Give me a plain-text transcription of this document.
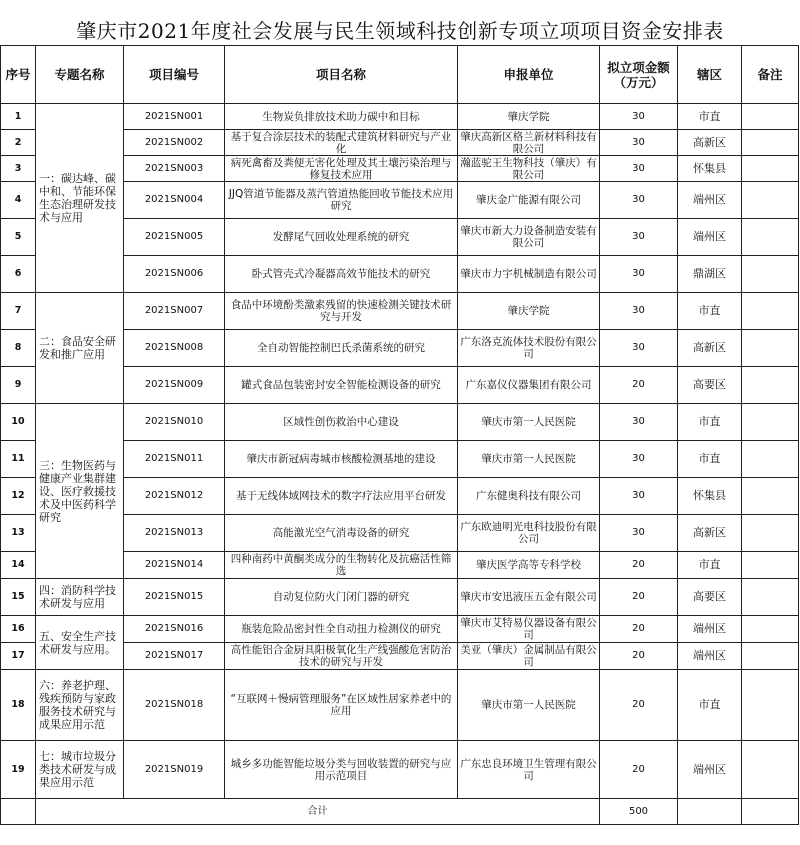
肇庆市2021年度社会发展与民生领域科技创新专项立项项目资金安排表
序号	专题名称	项目编号	项目名称	申报单位	拟立项金额（万元）	辖区	备注
1	一：碳达峰、碳中和、节能环保生态治理研发技术与应用	2021SN001	生物炭负排放技术助力碳中和目标	肇庆学院	30	市直	
2		2021SN002	基于复合涂层技术的装配式建筑材料研究与产业化	肇庆高新区格兰新材料科技有限公司	30	高新区	
3		2021SN003	病死禽畜及粪便无害化处理及其土壤污染治理与修复技术应用	瀚蓝驼王生物科技（肇庆）有限公司	30	怀集县	
4		2021SN004	JJQ管道节能器及蒸汽管道热能回收节能技术应用研究	肇庆金广能源有限公司	30	端州区	
5		2021SN005	发酵尾气回收处理系统的研究	肇庆市新大力设备制造安装有限公司	30	端州区	
6		2021SN006	卧式管壳式冷凝器高效节能技术的研究	肇庆市力宇机械制造有限公司	30	鼎湖区	
7	二：食品安全研发和推广应用	2021SN007	食品中环境酚类激素残留的快速检测关键技术研究与开发	肇庆学院	30	市直	
8		2021SN008	全自动智能控制巴氏杀菌系统的研究	广东洛克流体技术股份有限公司	30	高新区	
9		2021SN009	罐式食品包装密封安全智能检测设备的研究	广东嘉仪仪器集团有限公司	20	高要区	
10	三：生物医药与健康产业集群建设、医疗救援技术及中医药科学研究	2021SN010	区域性创伤救治中心建设	肇庆市第一人民医院	30	市直	
11		2021SN011	肇庆市新冠病毒城市核酸检测基地的建设	肇庆市第一人民医院	30	市直	
12		2021SN012	基于无线体域网技术的数字疗法应用平台研发	广东健奥科技有限公司	30	怀集县	
13		2021SN013	高能激光空气消毒设备的研究	广东欧迪明光电科技股份有限公司	30	高新区	
14		2021SN014	四种南药中黄酮类成分的生物转化及抗癌活性筛选	肇庆医学高等专科学校	20	市直	
15	四：消防科学技术研发与应用	2021SN015	自动复位防火门闭门器的研究	肇庆市安迅液压五金有限公司	20	高要区	
16	五、安全生产技术研发与应用。	2021SN016	瓶装危险品密封性全自动扭力检测仪的研究	肇庆市艾特易仪器设备有限公司	20	端州区	
17		2021SN017	高性能铝合金厨具阳极氧化生产线强酸危害防治技术的研究与开发	美亚（肇庆）金属制品有限公司	20	端州区	
18	六：养老护理、残疾预防与家政服务技术研究与成果应用示范	2021SN018	“互联网＋慢病管理服务”在区域性居家养老中的应用	肇庆市第一人民医院	20	市直	
19	七：城市垃圾分类技术研发与成果应用示范	2021SN019	城乡多功能智能垃圾分类与回收装置的研究与应用示范项目	广东忠良环境卫生管理有限公司	20	端州区	
	合计				500		
